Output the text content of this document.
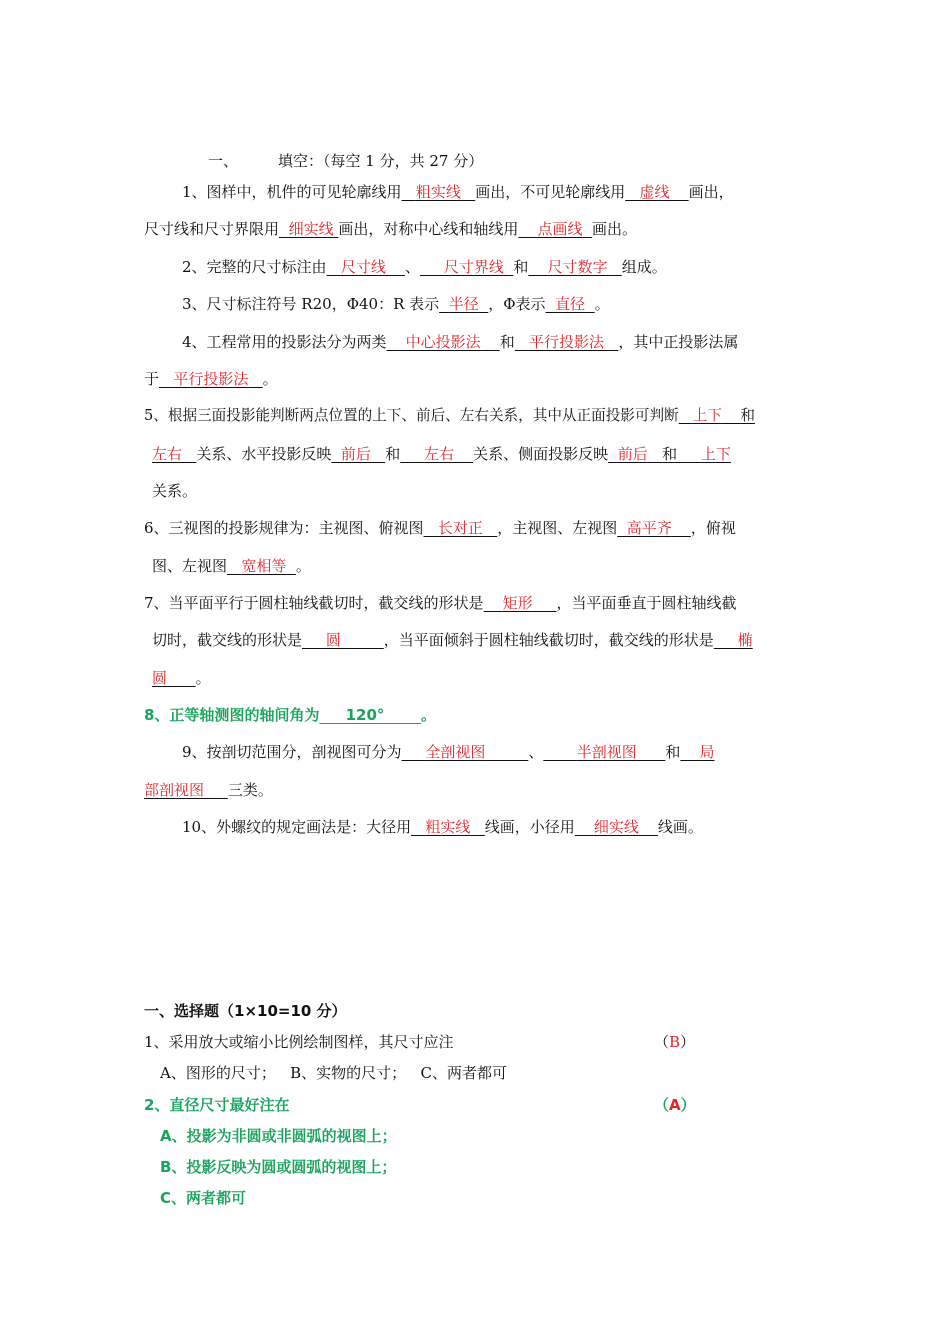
一、	填空：（每空 1 分，共 27 分）
1、图样中，机件的可见轮廓线用 粗实线 画出，不可见轮廓线用 虚线 画出，
尺寸线和尺寸界限用 细实线 画出，对称中心线和轴线用 点画线 画出。
2、完整的尺寸标注由 尺寸线 、 尺寸界线 和 尺寸数字 组成。
3、尺寸标注符号 R20，Φ40：R 表示 半径 ，Φ表示 直径 。
4、工程常用的投影法分为两类 中心投影法 和 平行投影法 ，其中正投影法属
于 平行投影法 。
5、根据三面投影能判断两点位置的上下、前后、左右关系，其中从正面投影可判断 上下 和
左右 关系、水平投影反映 前后 和 左右 关系、侧面投影反映 前后 和 上下
关系。
6、三视图的投影规律为：主视图、俯视图 长对正 ，主视图、左视图 高平齐 ，俯视
图、左视图 宽相等 。
7、当平面平行于圆柱轴线截切时，截交线的形状是 矩形 ，当平面垂直于圆柱轴线截
切时，截交线的形状是 圆	，当平面倾斜于圆柱轴线截切时，截交线的形状是 椭
圆 。
8、正等轴测图的轴间角为 120° 。
9、按剖切范围分，剖视图可分为 全剖视图	、 半剖视图 和 局
部剖视图 三类。
10、外螺纹的规定画法是：大径用 粗实线 线画，小径用 细实线 线画。
一、选择题（1×10=10 分）
1、采用放大或缩小比例绘制图样，其尺寸应注	（B）
A、图形的尺寸；   B、实物的尺寸；   C、两者都可
2、直径尺寸最好注在	（A）
A、投影为非圆或非圆弧的视图上；
B、投影反映为圆或圆弧的视图上；
C、两者都可
